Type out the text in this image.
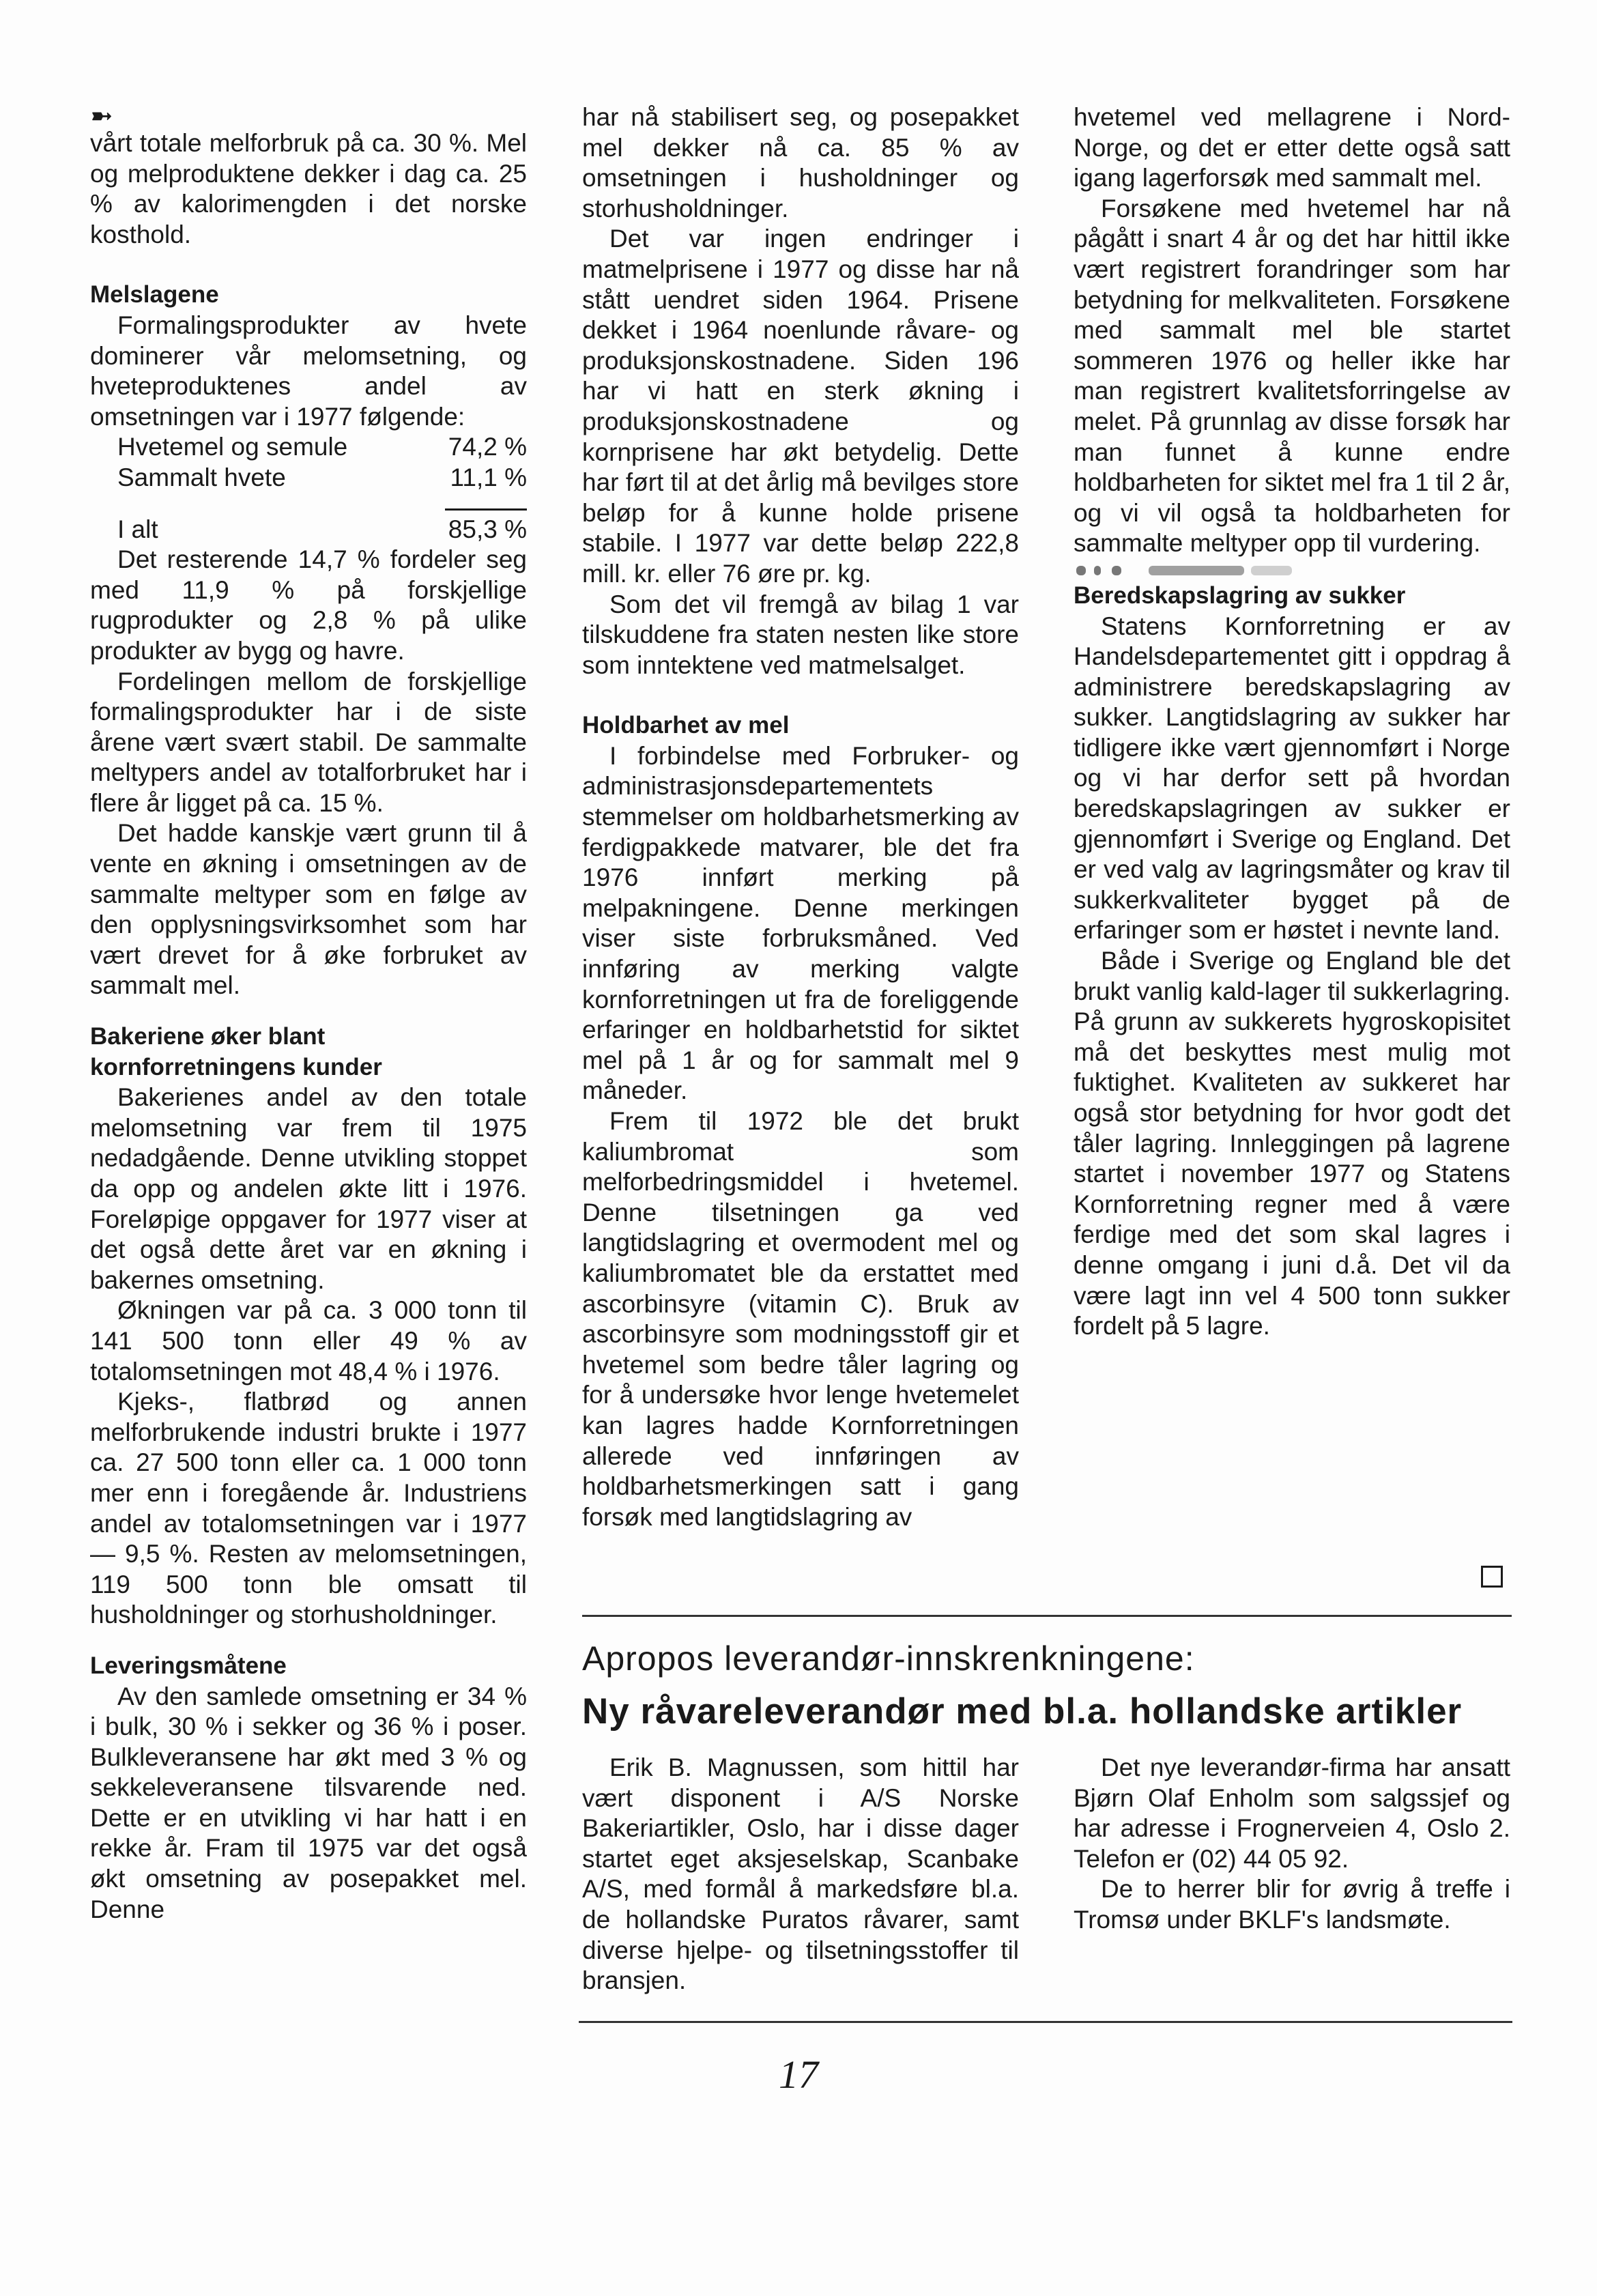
➼

vårt totale melforbruk på ca. 30 %. Mel og melproduktene dekker i dag ca. 25 % av kalorimengden i det norske kosthold.

Melslagene

Formalingsprodukter av hvete dominerer vår melomsetning, og hveteproduktenes andel av omsetningen var i 1977 følgende:

Hvetemel og semule	74,2 %
Sammalt hvete	11,1 %
I alt	85,3 %

Det resterende 14,7 % fordeler seg med 11,9 % på forskjellige rugprodukter og 2,8 % på ulike produkter av bygg og havre.

Fordelingen mellom de forskjellige formalingsprodukter har i de siste årene vært svært stabil. De sammalte meltypers andel av totalforbruket har i flere år ligget på ca. 15 %.

Det hadde kanskje vært grunn til å vente en økning i omsetningen av de sammalte meltyper som en følge av den opplysningsvirksomhet som har vært drevet for å øke forbruket av sammalt mel.

Bakeriene øker blant
kornforretningens kunder

Bakerienes andel av den totale melomsetning var frem til 1975 nedadgående. Denne utvikling stoppet da opp og andelen økte litt i 1976. Foreløpige oppgaver for 1977 viser at det også dette året var en økning i bakernes omsetning.

Økningen var på ca. 3 000 tonn til 141 500 tonn eller 49 % av totalomsetningen mot 48,4 % i 1976.

Kjeks-, flatbrød og annen melforbrukende industri brukte i 1977 ca. 27 500 tonn eller ca. 1 000 tonn mer enn i foregående år. Industriens andel av totalomsetningen var i 1977 — 9,5 %. Resten av melomsetningen, 119 500 tonn ble omsatt til husholdninger og storhusholdninger.

Leveringsmåtene

Av den samlede omsetning er 34 % i bulk, 30 % i sekker og 36 % i poser. Bulkleveransene har økt med 3 % og sekkeleveransene tilsvarende ned. Dette er en utvikling vi har hatt i en rekke år. Fram til 1975 var det også økt omsetning av posepakket mel. Denne

har nå stabilisert seg, og posepakket mel dekker nå ca. 85 % av omsetningen i husholdninger og storhusholdninger.

Det var ingen endringer i matmelprisene i 1977 og disse har nå stått uendret siden 1964. Prisene dekket i 1964 noenlunde råvare- og produksjonskostnadene. Siden 196 har vi hatt en sterk økning i produksjonskostnadene og kornprisene har økt betydelig. Dette har ført til at det årlig må bevilges store beløp for å kunne holde prisene stabile. I 1977 var dette beløp 222,8 mill. kr. eller 76 øre pr. kg.

Som det vil fremgå av bilag 1 var tilskuddene fra staten nesten like store som inntektene ved matmelsalget.

Holdbarhet av mel

I forbindelse med Forbruker- og administrasjonsdepartementets stemmelser om holdbarhetsmerking av ferdigpakkede matvarer, ble det fra 1976 innført merking på melpakningene. Denne merkingen viser siste forbruksmåned. Ved innføring av merking valgte kornforretningen ut fra de foreliggende erfaringer en holdbarhetstid for siktet mel på 1 år og for sammalt mel 9 måneder.

Frem til 1972 ble det brukt kaliumbromat som melforbedringsmiddel i hvetemel. Denne tilsetningen ga ved langtidslagring et overmodent mel og kaliumbromatet ble da erstattet med ascorbinsyre (vitamin C). Bruk av ascorbinsyre som modningsstoff gir et hvetemel som bedre tåler lagring og for å undersøke hvor lenge hvetemelet kan lagres hadde Kornforretningen allerede ved innføringen av holdbarhetsmerkingen satt i gang forsøk med langtidslagring av

hvetemel ved mellagrene i Nord-Norge, og det er etter dette også satt igang lagerforsøk med sammalt mel.

Forsøkene med hvetemel har nå pågått i snart 4 år og det har hittil ikke vært registrert forandringer som har betydning for melkvaliteten. Forsøkene med sammalt mel ble startet sommeren 1976 og heller ikke har man registrert kvalitetsforringelse av melet. På grunnlag av disse forsøk har man funnet å kunne endre holdbarheten for siktet mel fra 1 til 2 år, og vi vil også ta holdbarheten for sammalte meltyper opp til vurdering.

Beredskapslagring av sukker

Statens Kornforretning er av Handelsdepartementet gitt i oppdrag å administrere beredskapslagring av sukker. Langtidslagring av sukker har tidligere ikke vært gjennomført i Norge og vi har derfor sett på hvordan beredskapslagringen av sukker er gjennomført i Sverige og England. Det er ved valg av lagringsmåter og krav til sukkerkvaliteter bygget på de erfaringer som er høstet i nevnte land.

Både i Sverige og England ble det brukt vanlig kald-lager til sukkerlagring. På grunn av sukkerets hygroskopisitet må det beskyttes mest mulig mot fuktighet. Kvaliteten av sukkeret har også stor betydning for hvor godt det tåler lagring. Innleggingen på lagrene startet i november 1977 og Statens Kornforretning regner med å være ferdige med det som skal lagres i denne omgang i juni d.å. Det vil da være lagt inn vel 4 500 tonn sukker fordelt på 5 lagre.

Apropos leverandør-innskrenkningene:
Ny råvareleverandør med bl.a. hollandske artikler

Erik B. Magnussen, som hittil har vært disponent i A/S Norske Bakeriartikler, Oslo, har i disse dager startet eget aksjeselskap, Scanbake A/S, med formål å markedsføre bl.a. de hollandske Puratos råvarer, samt diverse hjelpe- og tilsetningsstoffer til bransjen.

Det nye leverandør-firma har ansatt Bjørn Olaf Enholm som salgssjef og har adresse i Frognerveien 4, Oslo 2. Telefon er (02) 44 05 92.

De to herrer blir for øvrig å treffe i Tromsø under BKLF's landsmøte.

17
